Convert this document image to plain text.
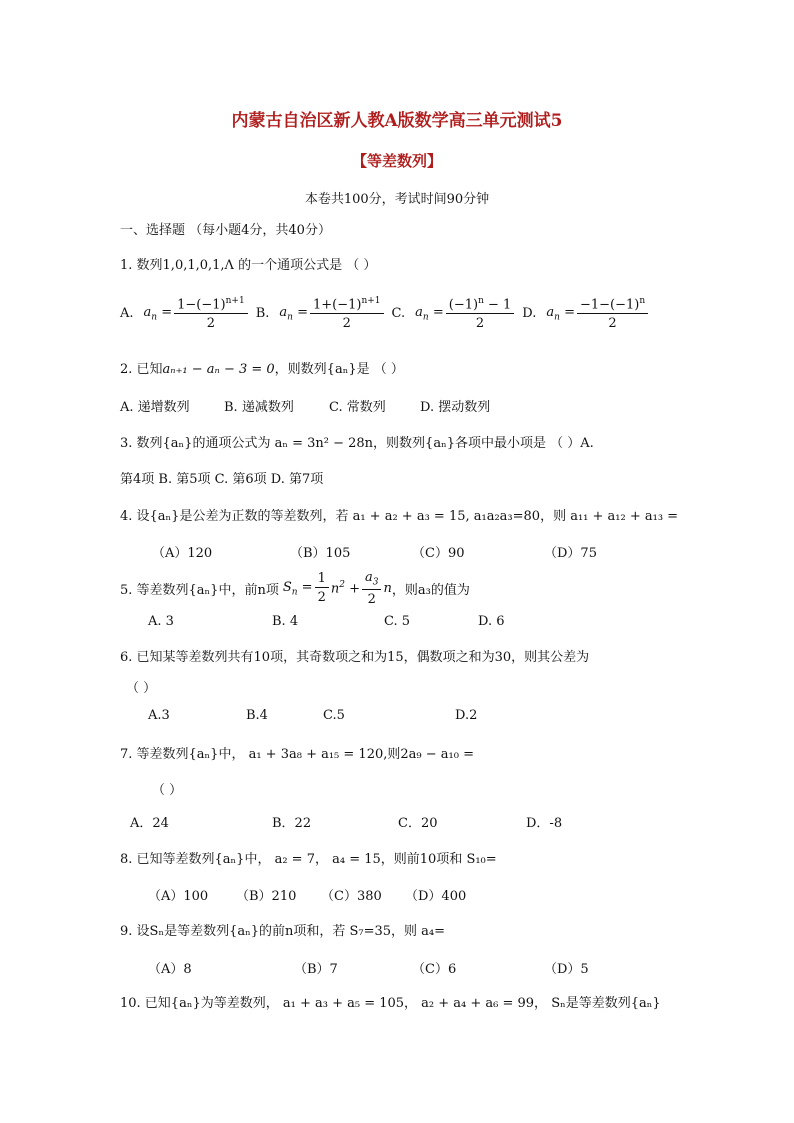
内蒙古自治区新人教A版数学高三单元测试5
【等差数列】
本卷共100分，考试时间90分钟
一、选择题 （每小题4分，共40分）
1. 数列1,0,1,0,1,Λ 的一个通项公式是 （ ）
A. $a_n = \frac{1-(-1)^{n+1}}{2} B$. $a_n = \frac{1+(-1)^{n+1}}{2} C$. $a_n = \frac{(-1)^n - 1}{2} D$. $a_n = \frac{-1-(-1)^n}{2}$
2. 已知aₙ₊₁ − aₙ − 3 = 0，则数列{aₙ}是 （ ）
A. 递增数列	B. 递减数列	C. 常数列	D. 摆动数列
3. 数列{aₙ}的通项公式为 aₙ = 3n² − 28n，则数列{aₙ}各项中最小项是 （ ）A.
第4项 B. 第5项 C. 第6项 D. 第7项
4. 设{aₙ}是公差为正数的等差数列，若 a₁ + a₂ + a₃ = 15, a₁a₂a₃=80，则 a₁₁ + a₁₂ + a₁₃ =
（A）120	（B）105	（C）90	（D）75
5. 等差数列{aₙ}中，前n项 $S_n = \frac{1}{2} n^2 + \frac{a_3}{2}$ n ，则a₃的值为
A. 3	B. 4	C. 5	D. 6
6. 已知某等差数列共有10项，其奇数项之和为15，偶数项之和为30，则其公差为
（ ）
A.3	B.4	C.5	D.2
7. 等差数列{aₙ}中， a₁ + 3a₈ + a₁₅ = 120,则2a₉ − a₁₀ =
（ ）
A．24	B．22	C．20	D．-8
8. 已知等差数列{aₙ}中， a₂ = 7， a₄ = 15，则前10项和 S₁₀=
（A）100 （B）210 （C）380 （D）400
9. 设Sₙ是等差数列{aₙ}的前n项和，若 S₇=35，则 a₄=
（A）8	（B）7	（C）6	（D）5
10. 已知{aₙ}为等差数列， a₁ + a₃ + a₅ = 105， a₂ + a₄ + a₆ = 99， Sₙ是等差数列{aₙ}
